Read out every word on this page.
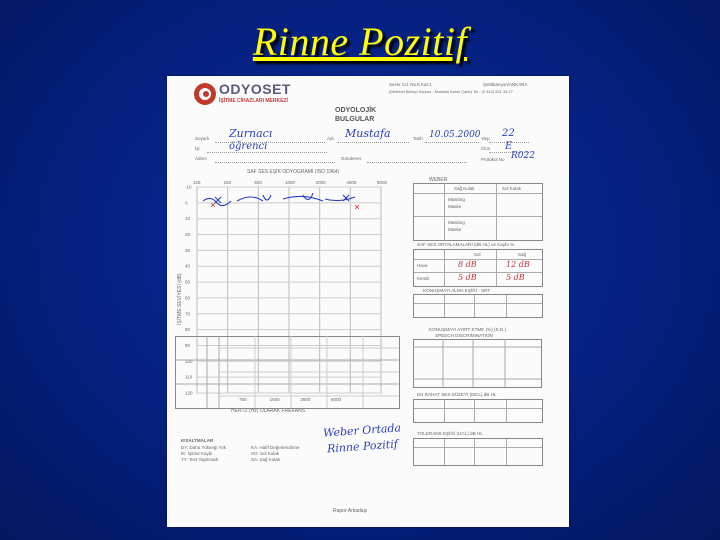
Rinne Pozitif
ODYOSET
İŞİTME CİHAZLARI MERKEZİ
Sezer Cd. No:6 Kat:1	Şehitkanyon/ANKARA
(Mehmet Bilekçi Karşısı - Mustafa Sahin Çaldı) Tel : (0 312) 231 35 27
ODYOLOJİK BULGULAR
Soyadı Zurnacı	Adı Mustafa	Tarih 10.05.2000 Yaşı 22
İşi	öğrenci	Cins E
Adres	Gönderen	Protokol No R022
SAF SES EŞİK ODYOGRAMI (ISO 1964)
125	250	500	1000	2000	4000	8000
-10
0
10
20
30
40
50
60
70
80
90
100
110
120
750	1500	3000	6000
İŞİTME SEVİYESİ (dB)
HERTZ (Hz) OLARAK FREKANS
WEBER
Sağ Kulak	Sol Kulak
Masking
Maske
Masking
Maske
SAF SES ORTALAMALARI (dB HL) ve Kaybı %
Sol	Sağ
Hava	8 dB	12 dB
Kemik	5 dB	5 dB
KONUŞMAYI ALMA EŞİĞİ - SRT
KONUŞMAYI AYIRT ETME (%) (S.D.)
SPEECH DISCRIMINATION
EN RAHAT SES DÜZEYİ (MCL) dB HL
TOLERANS EŞİĞİ (UCL) dB HL
Weber Ortada
Rinne Pozitif
KISALTMALAR
DY: Daha Yükseği Yok
İK: İşitme Kaybı
TY: Test Yapılmadı
KA: Hafif Değerlendirme
SO: Sol Kulak
SA: Sağ Kulak
Rapor Arkadaşı
